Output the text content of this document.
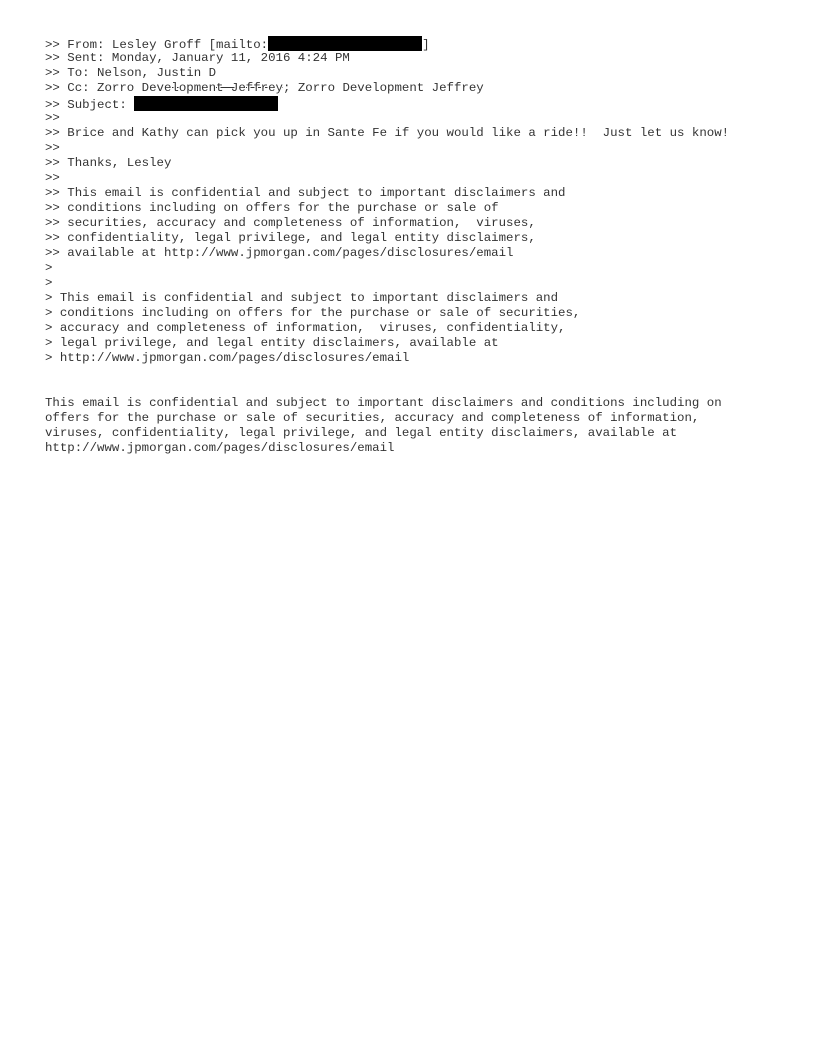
>> From: Lesley Groff [mailto:	]
>> Sent: Monday, January 11, 2016 4:24 PM
>> To: Nelson, Justin D
>> Cc: Zorro Development Jeffrey; Zorro Development Jeffrey
>> Subject:
>>
>> Brice and Kathy can pick you up in Sante Fe if you would like a ride!!  Just let us know!
>>
>> Thanks, Lesley
>>
>> This email is confidential and subject to important disclaimers and
>> conditions including on offers for the purchase or sale of
>> securities, accuracy and completeness of information,  viruses,
>> confidentiality, legal privilege, and legal entity disclaimers,
>> available at http://www.jpmorgan.com/pages/disclosures/email
>
>
> This email is confidential and subject to important disclaimers and
> conditions including on offers for the purchase or sale of securities,
> accuracy and completeness of information,  viruses, confidentiality,
> legal privilege, and legal entity disclaimers, available at
> http://www.jpmorgan.com/pages/disclosures/email
This email is confidential and subject to important disclaimers and conditions including on
offers for the purchase or sale of securities, accuracy and completeness of information,
viruses, confidentiality, legal privilege, and legal entity disclaimers, available at
http://www.jpmorgan.com/pages/disclosures/email
